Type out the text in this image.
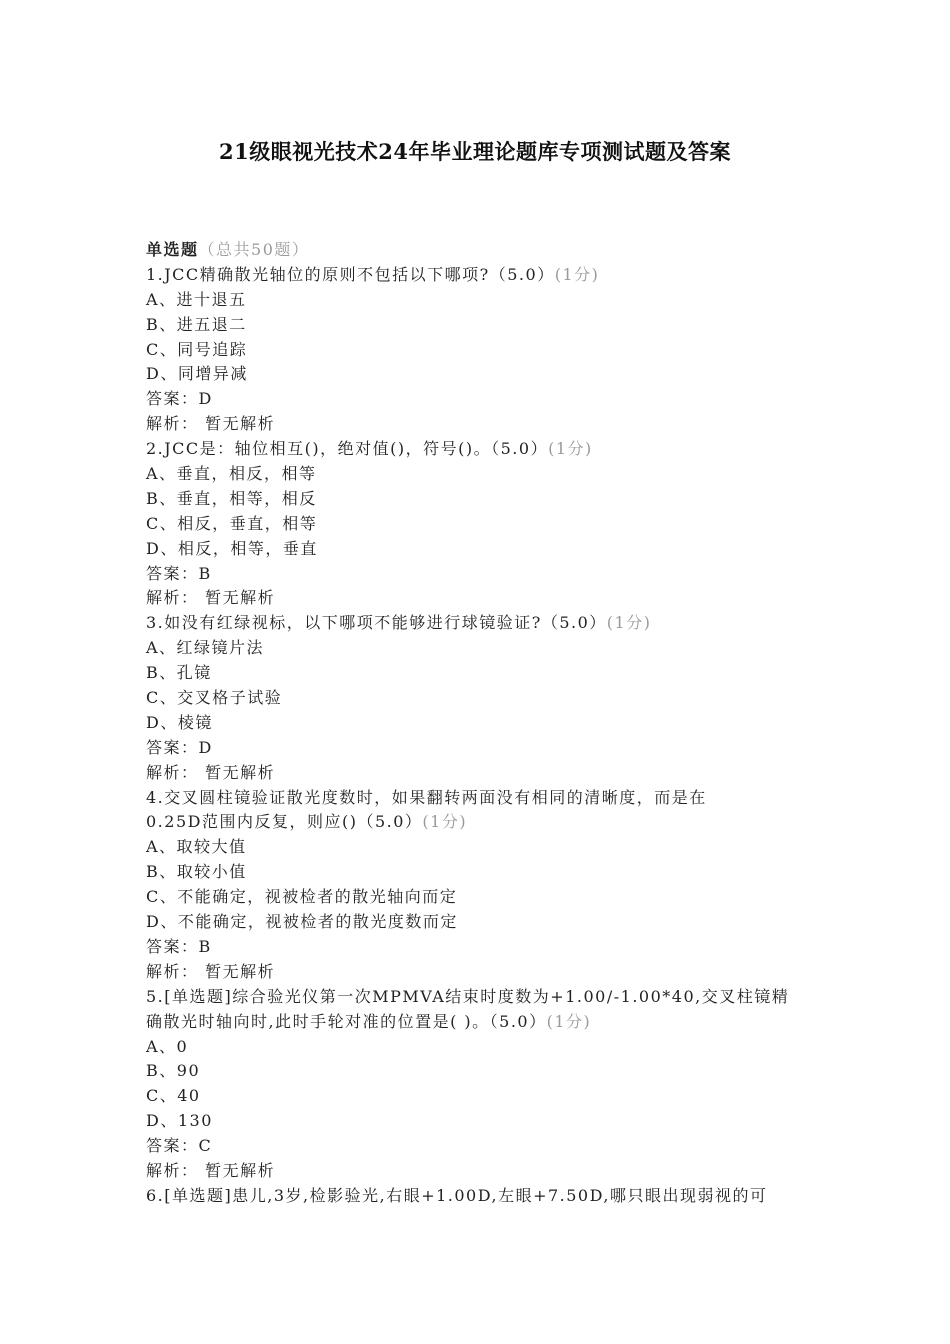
21级眼视光技术24年毕业理论题库专项测试题及答案
单选题（总共50题）
1.JCC精确散光轴位的原则不包括以下哪项?（5.0）(1分)
A、进十退五
B、进五退二
C、同号追踪
D、同增异减
答案：D
解析： 暂无解析
2.JCC是：轴位相互()，绝对值()，符号()。（5.0）(1分)
A、垂直，相反，相等
B、垂直，相等，相反
C、相反，垂直，相等
D、相反，相等，垂直
答案：B
解析： 暂无解析
3.如没有红绿视标，以下哪项不能够进行球镜验证?（5.0）(1分)
A、红绿镜片法
B、孔镜
C、交叉格子试验
D、棱镜
答案：D
解析： 暂无解析
4.交叉圆柱镜验证散光度数时，如果翻转两面没有相同的清晰度，而是在
0.25D范围内反复，则应()（5.0）(1分)
A、取较大值
B、取较小值
C、不能确定，视被检者的散光轴向而定
D、不能确定，视被检者的散光度数而定
答案：B
解析： 暂无解析
5.[单选题]综合验光仪第一次MPMVA结束时度数为+1.00/-1.00*40,交叉柱镜精
确散光时轴向时,此时手轮对准的位置是( )。（5.0）(1分)
A、0
B、90
C、40
D、130
答案：C
解析： 暂无解析
6.[单选题]患儿,3岁,检影验光,右眼+1.00D,左眼+7.50D,哪只眼出现弱视的可
